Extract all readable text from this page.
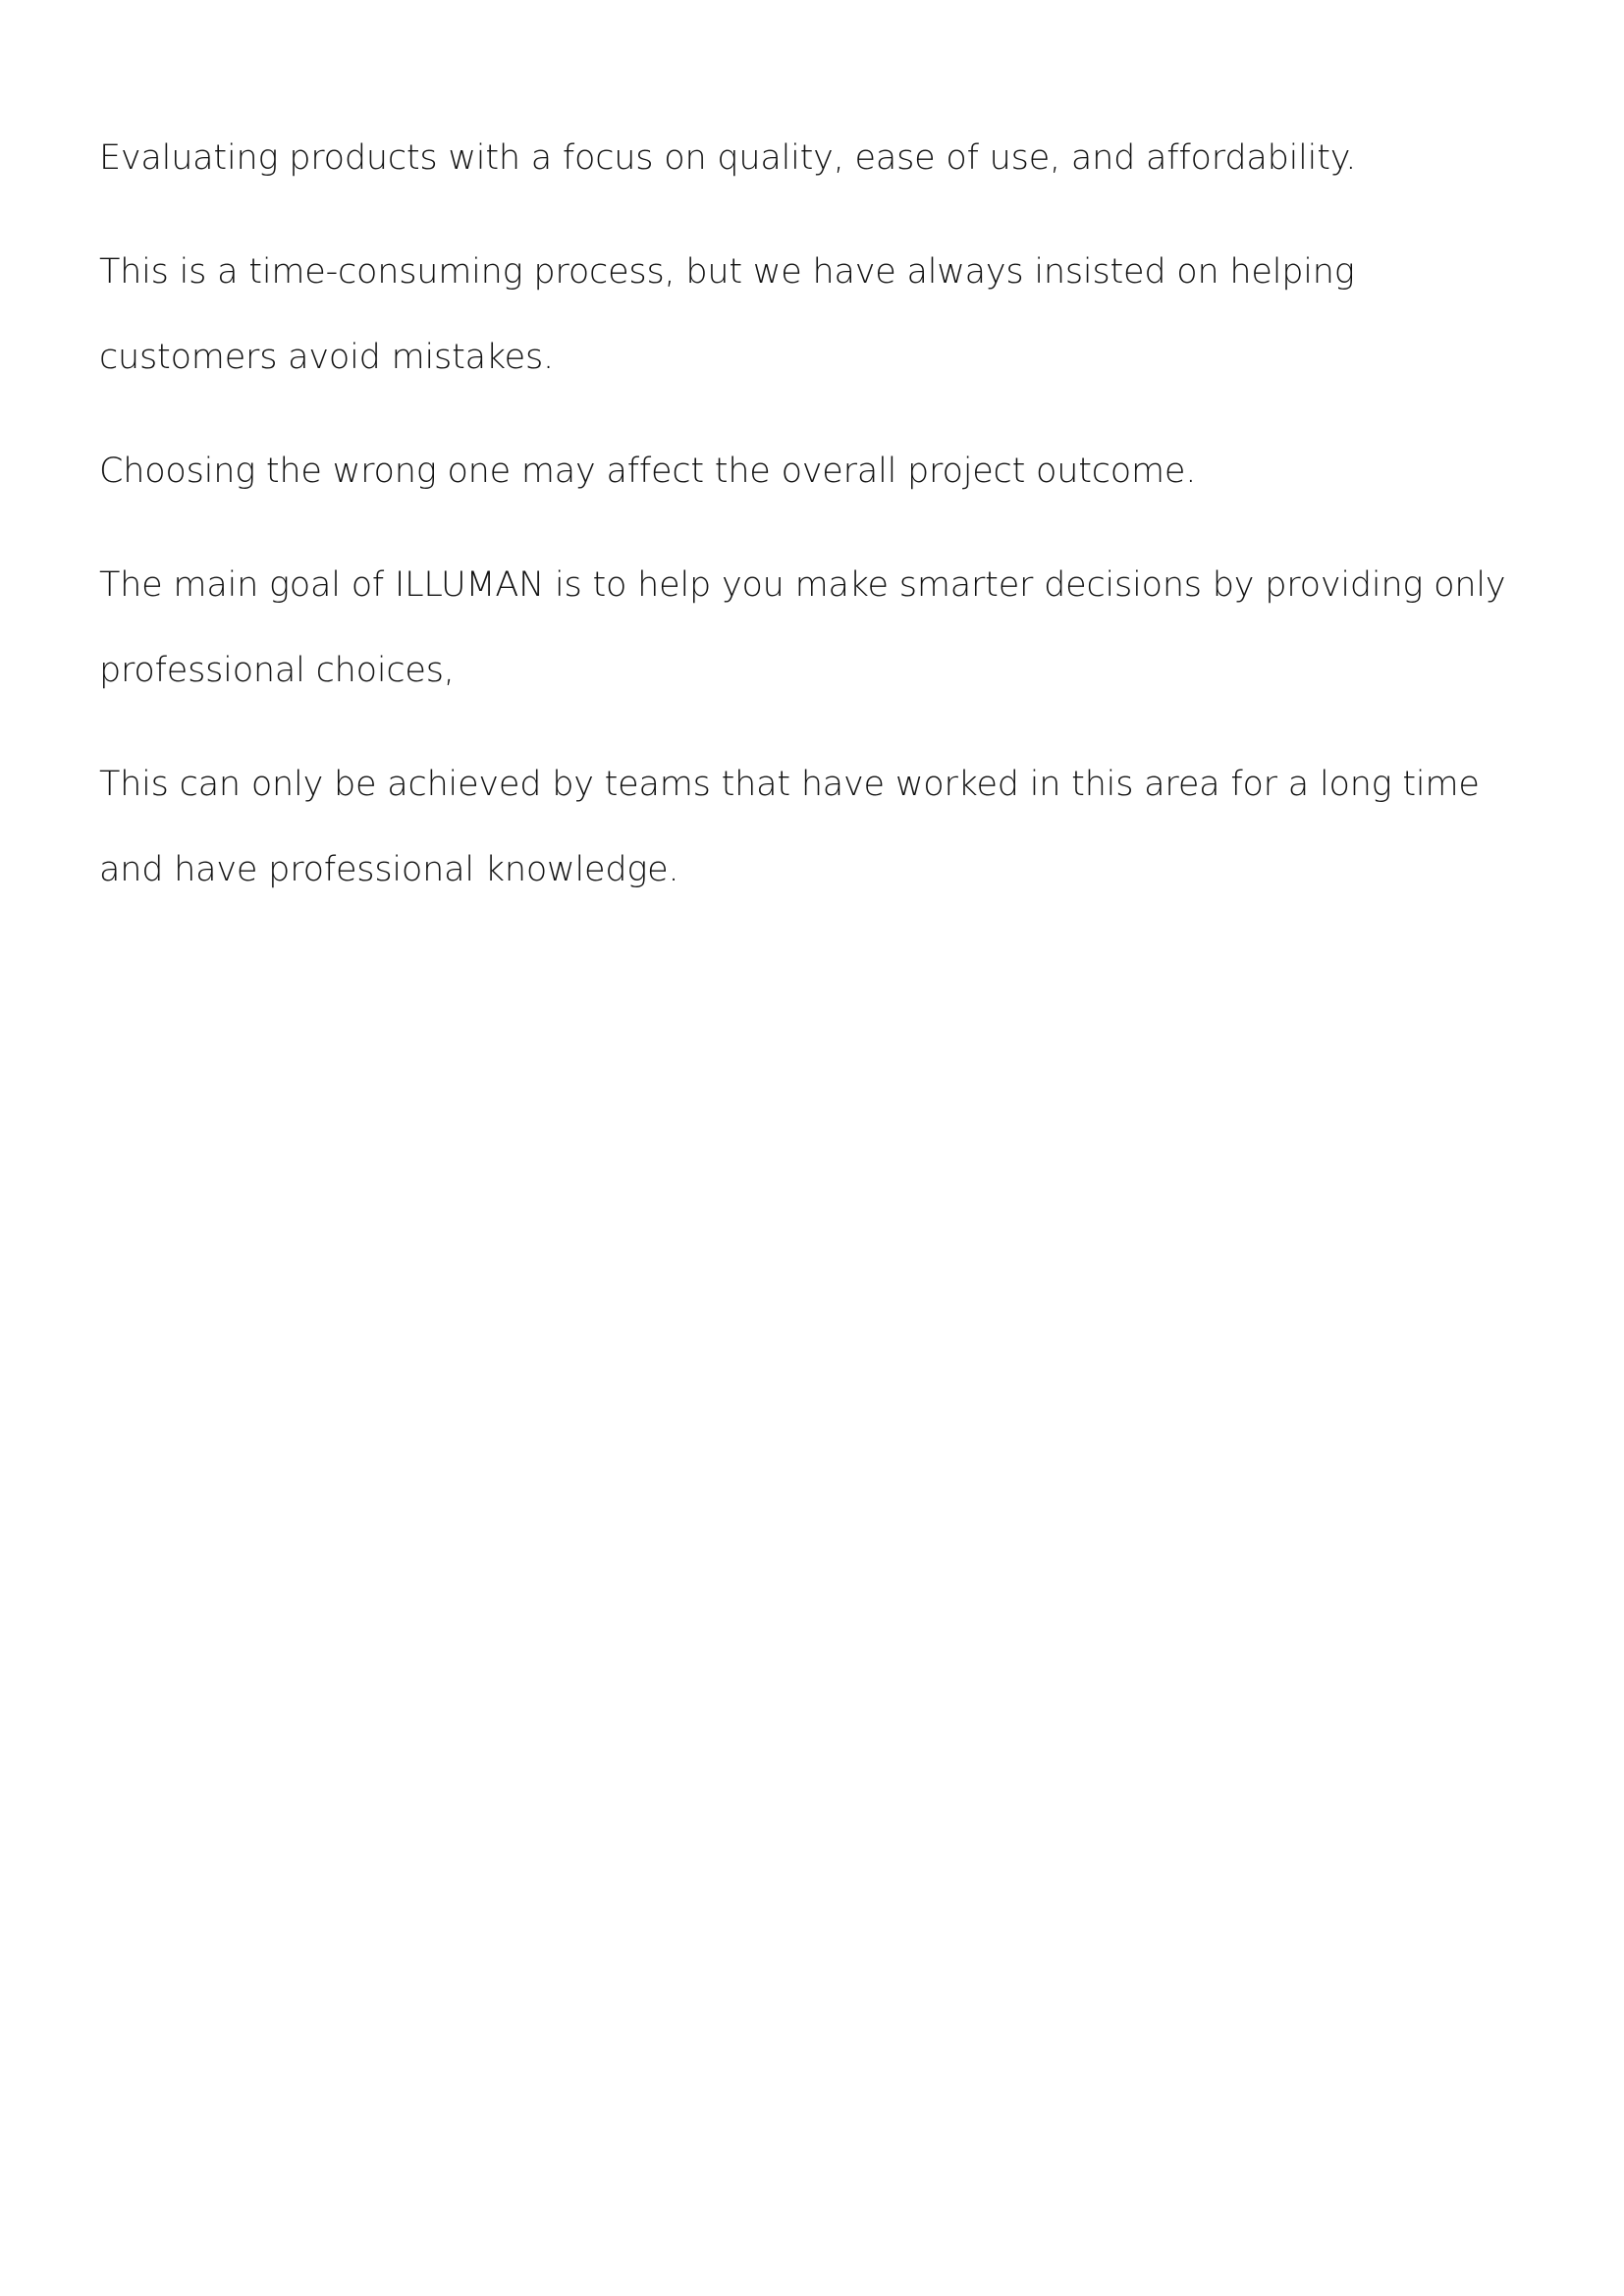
Evaluating products with a focus on quality, ease of use, and affordability.

This is a time-consuming process, but we have always insisted on helping customers avoid mistakes.

Choosing the wrong one may affect the overall project outcome.

The main goal of ILLUMAN is to help you make smarter decisions by providing only professional choices,

This can only be achieved by teams that have worked in this area for a long time and have professional knowledge.
